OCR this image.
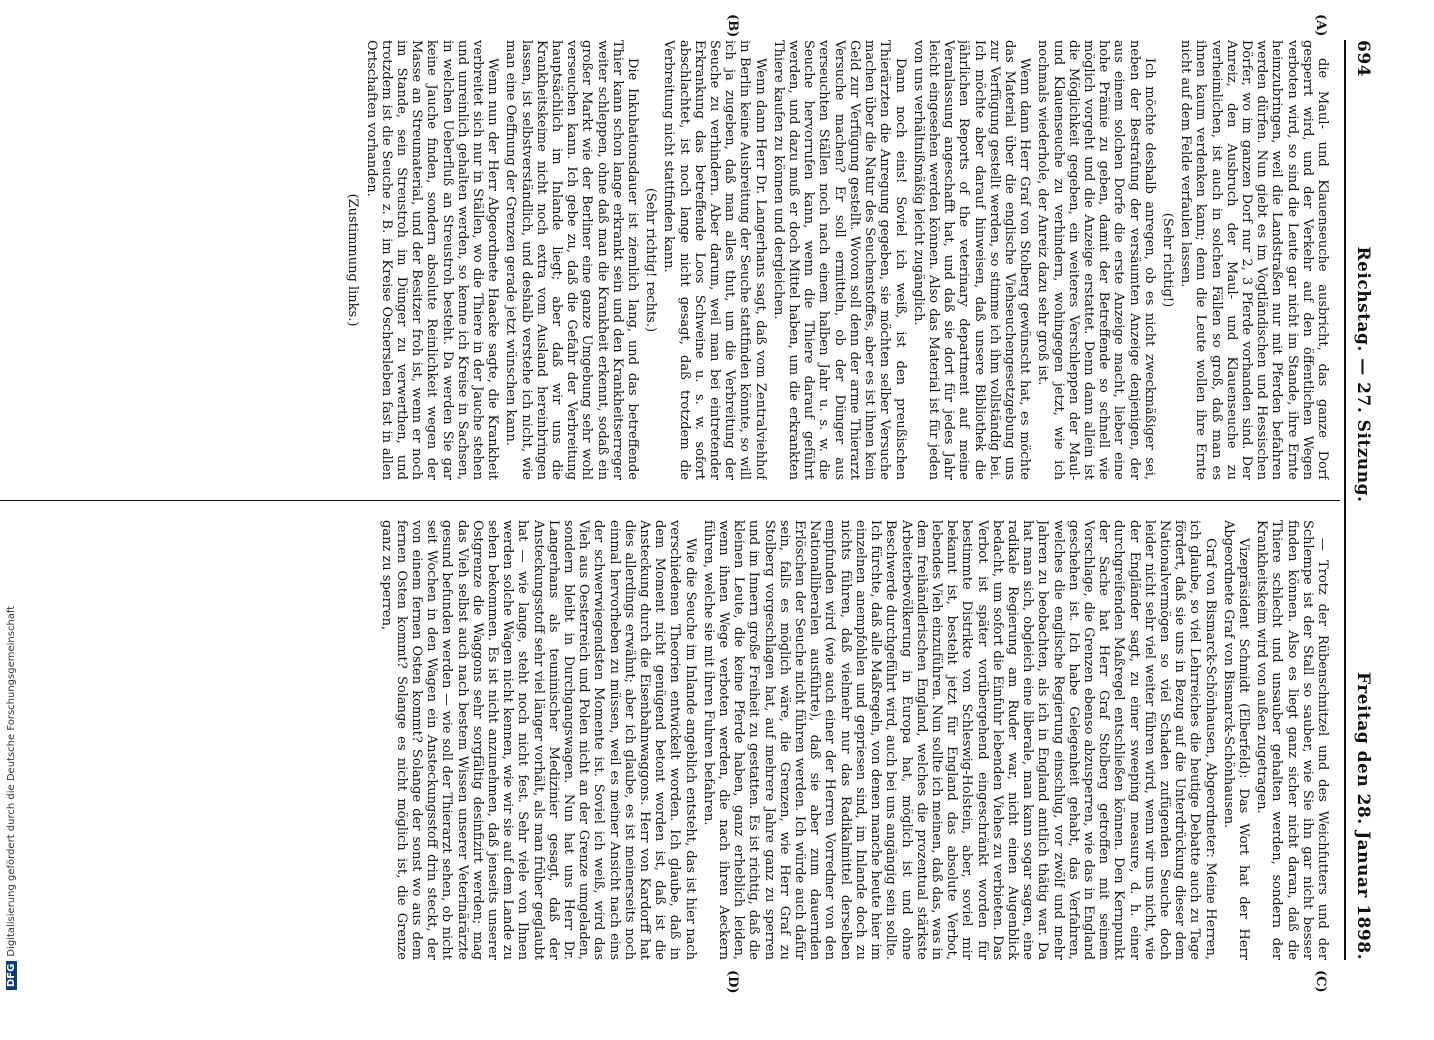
694
Reichstag. — 27. Sitzung.
Freitag den 28. Januar 1898.

die Maul- und Klauenseuche ausbricht, das ganze Dorf gesperrt wird, und der Verkehr auf den öffentlichen Wegen verboten wird, so sind die Leute gar nicht im Stande, ihre Ernte heimzubringen, weil die Landstraßen nur mit Pferden befahren werden dürfen. Nun giebt es im Vogtländischen und Hessischen Dörfer, wo im ganzen Dorf nur 2, 3 Pferde vorhanden sind. Der Anreiz, den Ausbruch der Maul- und Klauenseuche zu verheimlichen, ist auch in solchen Fällen so groß, daß man es ihnen kaum verdenken kann; denn die Leute wollen ihre Ernte nicht auf dem Felde verfaulen lassen.

(Sehr richtig!)

Ich möchte deshalb anregen, ob es nicht zweckmäßiger sei, neben der Bestrafung der versäumten Anzeige denjenigen, der aus einem solchen Dorfe die erste Anzeige macht, lieber eine hohe Prämie zu geben, damit der Betreffende so schnell wie möglich vorgeht und die Anzeige erstattet. Denn dann allein ist die Möglichkeit gegeben, ein weiteres Verschleppen der Maul- und Klauenseuche zu verhindern, wohingegen jetzt, wie ich nochmals wiederhole, der Anreiz dazu sehr groß ist.

Wenn dann Herr Graf von Stolberg gewünscht hat, es möchte das Material über die englische Viehseuchengesetzgebung uns zur Verfügung gestellt werden, so stimme ich ihm vollständig bei. Ich möchte aber darauf hinweisen, daß unsere Bibliothek die jährlichen Reports of the veterinary department auf meine Veranlassung angeschafft hat, und daß sie dort für jedes Jahr leicht eingesehen werden können. Also das Material ist für jeden von uns verhältnißmäßig leicht zugänglich.

Dann noch eins! Soviel ich weiß, ist den preußischen Thierärzten die Anregung gegeben, sie möchten selber Versuche machen über die Natur des Seuchenstoffes, aber es ist ihnen kein Geld zur Verfügung gestellt. Wovon soll denn der arme Thierarzt Versuche machen? Er soll ermitteln, ob der Dünger aus verseuchten Ställen noch nach einem halben Jahr u. s. w. die Seuche hervorrufen kann, wenn die Thiere darauf geführt werden, und dazu muß er doch Mittel haben, um die erkrankten Thiere kaufen zu können und dergleichen.

Wenn dann Herr Dr. Langerhans sagt, daß vom Zentralviehhof in Berlin keine Ausbreitung der Seuche stattfinden könnte, so will ich ja zugeben, daß man alles thut, um die Verbreitung der Seuche zu verhindern. Aber darum, weil man bei eintretender Erkrankung das betreffende Loos Schweine u. s. w. sofort abschlachtet, ist noch lange nicht gesagt, daß trotzdem die Verbreitung nicht stattfinden kann.

(Sehr richtig! rechts.)

Die Inkubationsdauer ist ziemlich lang, und das betreffende Thier kann schon lange erkrankt sein und den Krankheitserreger weiter schleppen, ohne daß man die Krankheit erkennt, sodaß ein großer Markt wie der Berliner eine ganze Umgebung sehr wohl verseuchen kann. Ich gebe zu, daß die Gefahr der Verbreitung hauptsächlich im Inlande liegt; aber daß wir uns die Krankheitskeime nicht noch extra vom Ausland hereinbringen lassen, ist selbstverständlich, und deshalb verstehe ich nicht, wie man eine Oeffnung der Grenzen gerade jetzt wünschen kann.

Wenn nun der Herr Abgeordnete Haacke sagte, die Krankheit verbreitet sich nur in Ställen, wo die Thiere in der Jauche stehen und unreinlich gehalten werden, so kenne ich Kreise in Sachsen, in welchen Ueberfluß an Streustroh besteht. Da werden Sie gar keine Jauche finden, sondern absolute Reinlichkeit wegen der Masse an Streumaterial, und der Besitzer froh ist, wenn er noch im Stande, sein Streustroh im Dünger zu verwerthen, und trotzdem ist die Seuche z. B. im Kreise Oschersleben fast in allen Ortschaften vorhanden.

(Zustimmung links.)

— Trotz der Rübenschnitzel und des Weichfutters und der Schlempe ist der Stall so sauber, wie Sie ihn gar nicht besser finden können. Also es liegt ganz sicher nicht daran, daß die Thiere schlecht und unsauber gehalten werden, sondern der Krankheitskeim wird von außen zugetragen.

Vizepräsident Schmidt (Elberfeld): Das Wort hat der Herr Abgeordnete Graf von Bismarck-Schönhausen.

Graf von Bismarck-Schönhausen, Abgeordneter: Meine Herren, ich glaube, so viel Lehrreiches die heutige Debatte auch zu Tage fördert, daß sie uns in Bezug auf die Unterdrückung dieser dem Nationalvermögen so viel Schaden zufügenden Seuche doch leider nicht sehr viel weiter führen wird, wenn wir uns nicht, wie der Engländer sagt, zu einer sweeping measure, d. h. einer durchgreifenden Maßregel entschließen können. Den Kernpunkt der Sache hat Herr Graf Stolberg getroffen mit seinem Vorschlage, die Grenzen ebenso abzusperren, wie das in England geschehen ist. Ich habe Gelegenheit gehabt, das Verfahren, welches die englische Regierung einschlug, vor zwölf und mehr Jahren zu beobachten, als ich in England amtlich thätig war. Da hat man sich, obgleich eine liberale, man kann sogar sagen, eine radikale Regierung am Ruder war, nicht einen Augenblick bedacht, um sofort die Einfuhr lebenden Viehes zu verbieten. Das Verbot ist später vorübergehend eingeschränkt worden für bestimmte Distrikte von Schleswig-Holstein, aber, soviel mir bekannt ist, besteht jetzt für England das absolute Verbot, lebendes Vieh einzuführen. Nun sollte ich meinen, daß das, was in dem freihändlerischen England, welches die prozentual stärkste Arbeiterbevölkerung in Europa hat, möglich ist und ohne Beschwerde durchgeführt wird, auch bei uns angängig sein sollte. Ich fürchte, daß alle Maßregeln, von denen manche heute hier im einzelnen anempfohlen und gepriesen sind, im Inlande doch zu nichts führen, daß vielmehr nur das Radikalmittel derselben empfunden wird (wie auch einer der Herren Vorredner von den Nationalliberalen ausführte), daß sie aber zum dauernden Erlöschen der Seuche nicht führen werden. Ich würde auch dafür sein, falls es möglich wäre, die Grenzen, wie Herr Graf zu Stolberg vorgeschlagen hat, auf mehrere Jahre ganz zu sperren und im Innern große Freiheit zu gestatten. Es ist richtig, daß die kleinen Leute, die keine Pferde haben, ganz erheblich leiden, wenn ihnen Wege verboten werden, die nach ihren Aeckern führen, welche sie mit ihren Fuhren befahren.

Wie die Seuche im Inlande angeblich entsteht, das ist hier nach verschiedenen Theorien entwickelt worden. Ich glaube, daß in dem Moment nicht genügend betont worden ist, daß ist die Ansteckung durch die Eisenbahnwaggons. Herr von Kardorff hat dies allerdings erwähnt; aber ich glaube, es ist meinerseits noch einmal hervorheben zu müssen, weil es meiner Ansicht nach eins der schwerwiegendsten Momente ist. Soviel ich weiß, wird das Vieh aus Oesterreich und Polen nicht an der Grenze umgeladen, sondern bleibt in Durchgangswagen. Nun hat uns Herr Dr. Langerhans als teuninischer Medizinier gesagt, daß der Ansteckungsstoff sehr viel länger vorhält, als man früher geglaubt hat — wie lange, steht noch nicht fest. Sehr viele von Ihnen werden solche Wagen nicht kennen, wie wir sie auf dem Lande zu sehen bekommen. Es ist nicht anzunehmen, daß jenseits unserer Ostgrenze die Waggons sehr sorgfältig desinfizirt werden; mag das Vieh selbst auch nach bestem Wissen unserer Veterinärärzte gesund befunden werden — wie soll der Thierarzt sehen, ob nicht seit Wochen in den Wagen ein Ansteckungsstoff drin steckt, der von einem fernen Osten kommt? Solange der sonst wo aus dem fernen Osten kommt? Solange es nicht möglich ist, die Grenze ganz zu sperren,

(A)
(B)
(C)
(D)
DFGDigitalisierung gefördert durch die Deutsche Forschungsgemeinschaft
